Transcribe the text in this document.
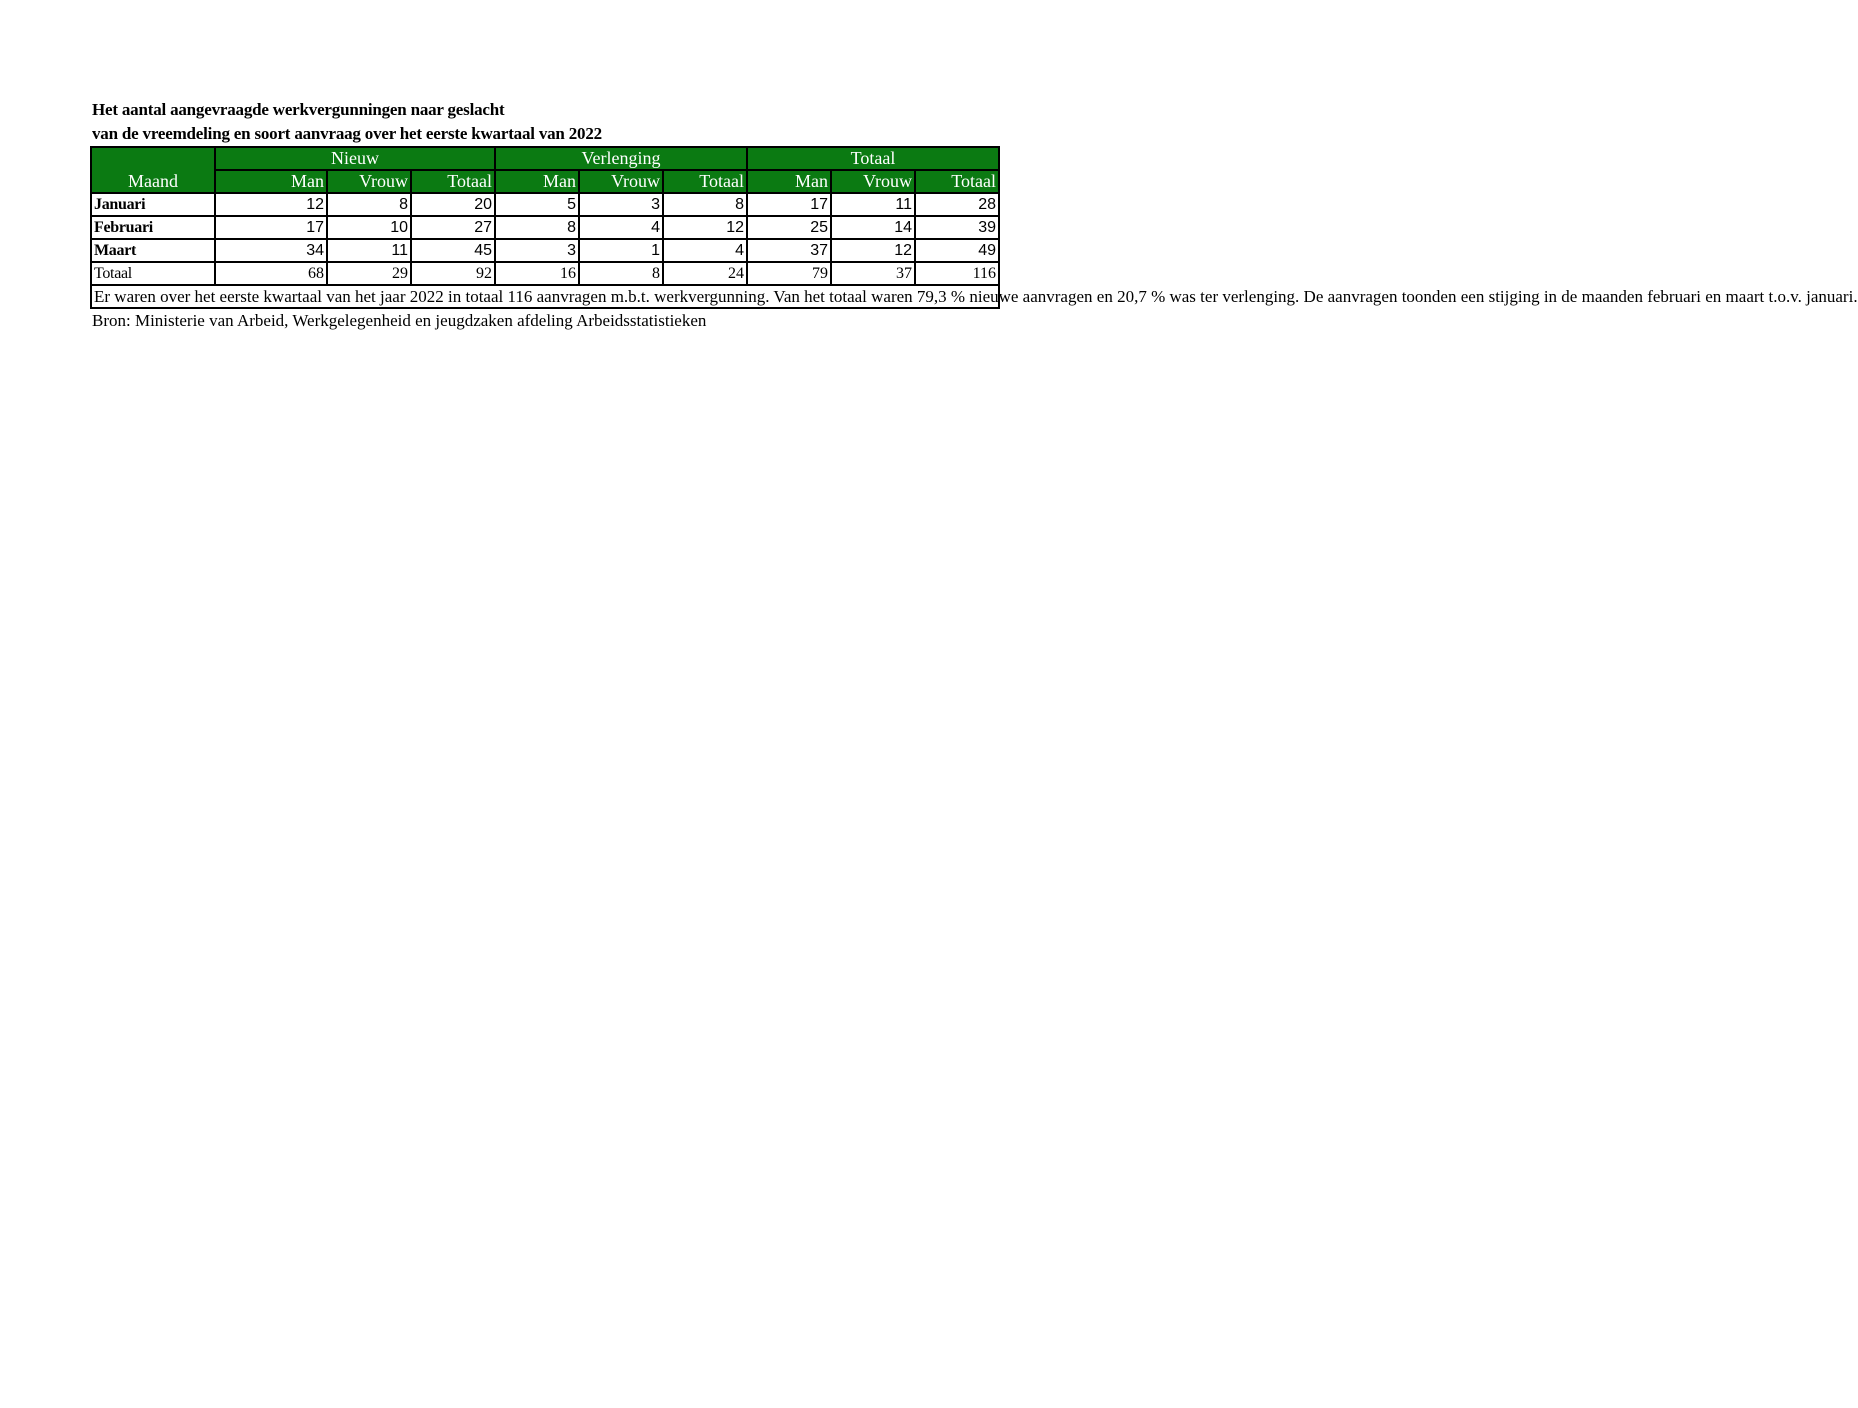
Het aantal aangevraagde werkvergunningen naar geslacht

van de vreemdeling en soort aanvraag over het eerste kwartaal van 2022

Maand	Nieuw			Verlenging			Totaal		
	Man	Vrouw	Totaal	Man	Vrouw	Totaal	Man	Vrouw	Totaal
Januari	12	8	20	5	3	8	17	11	28
Februari	17	10	27	8	4	12	25	14	39
Maart	34	11	45	3	1	4	37	12	49
Totaal	68	29	92	16	8	24	79	37	116
Er waren over het eerste kwartaal van het jaar 2022 in totaal 116 aanvragen m.b.t. werkvergunning. Van het totaal waren 79,3 % nieuwe aanvragen en 20,7 % was ter verlenging. De aanvragen toonden een stijging in de maanden februari en maart t.o.v. januari.									
Bron: Ministerie van Arbeid, Werkgelegenheid en jeugdzaken afdeling Arbeidsstatistieken
